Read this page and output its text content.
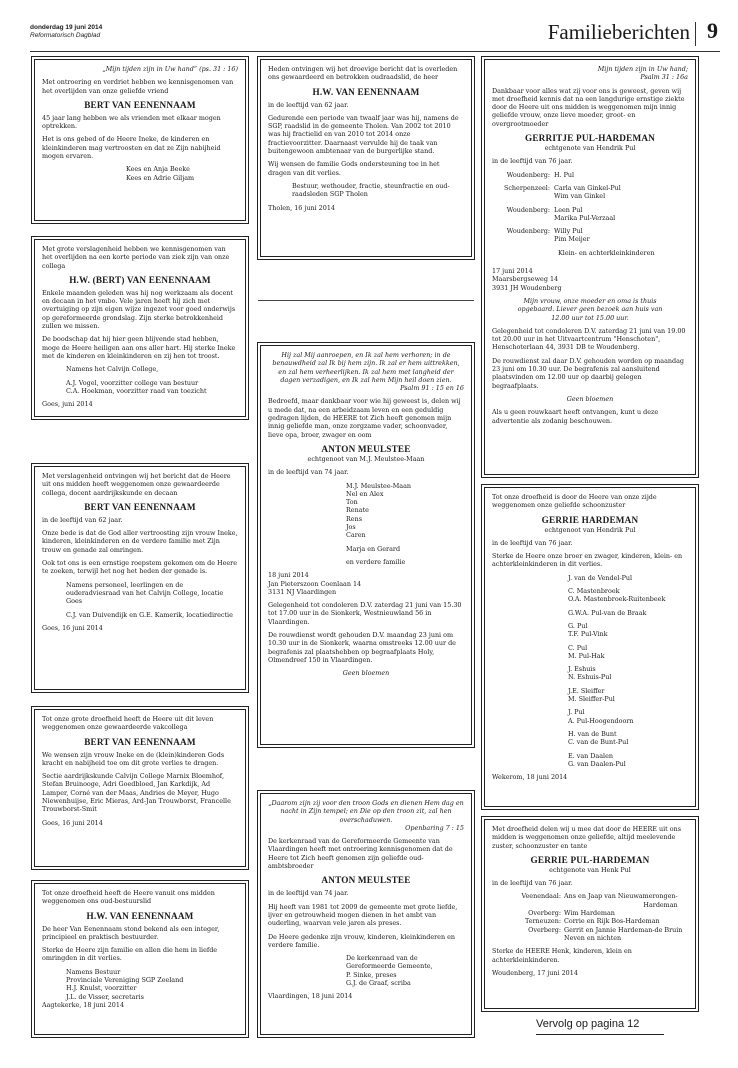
donderdag 19 juni 2014
Reformatorisch Dagblad	Familieberichten 9

„Mijn tijden zijn in Uw hand” (ps. 31 : 16)

Met ontroering en verdriet hebben we kennisgenomen van het overlijden van onze geliefde vriend

BERT VAN EENENNAAM

45 jaar lang hebben we als vrienden met elkaar mogen optrekken.

Het is ons gebed of de Heere Ineke, de kinderen en kleinkinderen mag vertroosten en dat ze Zijn nabijheid mogen ervaren.

Kees en Anja Beeke
Kees en Adrie Giljam

Met grote verslagenheid hebben we kennisgenomen van het overlijden na een korte periode van ziek zijn van onze collega

H.W. (BERT) VAN EENENNAAM

Enkele maanden geleden was hij nog werkzaam als docent en decaan in het vmbo. Vele jaren heeft hij zich met overtuiging op zijn eigen wijze ingezet voor goed onderwijs op gereformeerde grondslag. Zijn sterke betrokkenheid zullen we missen.

De boodschap dat hij hier geen blijvende stad hebben, moge de Heere heiligen aan ons aller hart. Hij sterke Ineke met de kinderen en kleinkinderen en zij hen tot troost.

Namens het Calvijn College,

A.J. Vogel, voorzitter college van bestuur
C.A. Hoekman, voorzitter raad van toezicht
Goes, juni 2014

Met verslagenheid ontvingen wij het bericht dat de Heere uit ons midden heeft weggenomen onze gewaardeerde collega, docent aardrijkskunde en decaan

BERT VAN EENENNAAM

in de leeftijd van 62 jaar.

Onze bede is dat de God aller vertroosting zijn vrouw Ineke, kinderen, kleinkinderen en de verdere familie met Zijn trouw en genade zal omringen.

Ook tot ons is een ernstige roepstem gekomen om de Heere te zoeken, terwijl het nog het heden der genade is.

Namens personeel, leerlingen en de ouderadviesraad van het Calvijn College, locatie Goes

C.J. van Duivendijk en G.E. Kamerik, locatiedirectie

Goes, 16 juni 2014

Tot onze grote droefheid heeft de Heere uit dit leven weggenomen onze gewaardeerde vakcollega

BERT VAN EENENNAAM

We wensen zijn vrouw Ineke en de (klein)kinderen Gods kracht en nabijheid toe om dit grote verlies te dragen.

Sectie aardrijkskunde Calvijn College Marnix Bloemhof, Stefan Bruinooge, Adri Goedbloed, Jan Karkdijk, Ad Lamper, Corné van der Maas, Andries de Meyer, Hugo Niewenhuijse, Eric Mieras, Ard-Jan Trouwborst, Francelle Trouwborst-Smit

Goes, 16 juni 2014

Tot onze droefheid heeft de Heere vanuit ons midden weggenomen ons oud-bestuurslid

H.W. VAN EENENNAAM

De heer Van Eenennaam stond bekend als een integer, principieel en praktisch bestuurder.

Sterke de Heere zijn familie en allen die hem in liefde omringden in dit verlies.

Namens Bestuur
Provinciale Vereniging SGP Zeeland
H.J. Knulst, voorzitter
J.L. de Visser, secretaris
Aagtekerke, 18 juni 2014

Heden ontvingen wij het droevige bericht dat is overleden ons gewaardeerd en betrokken oudraadslid, de heer

H.W. VAN EENENNAAM

in de leeftijd van 62 jaar.

Gedurende een periode van twaalf jaar was hij, namens de SGP, raadslid in de gemeente Tholen. Van 2002 tot 2010 was hij fractielid en van 2010 tot 2014 onze fractievoorzitter. Daarnaast vervulde hij de taak van buitengewoon ambtenaar van de burgerlijke stand.

Wij wensen de familie Gods ondersteuning toe in het dragen van dit verlies.

Bestuur, wethouder, fractie, steunfractie en oud-raadsleden SGP Tholen

Tholen, 16 juni 2014

Hij zal Mij aanroepen, en Ik zal hem verhoren; in de benauwdheid zal Ik bij hem zijn. Ik zal er hem uittrekken, en zal hem verheerlijken. Ik zal hem met langheid der dagen verzadigen, en Ik zal hem Mijn heil doen zien.

Psalm 91 : 15 en 16

Bedroefd, maar dankbaar voor wie hij geweest is, delen wij u mede dat, na een arbeidzaam leven en een geduldig gedragen lijden, de HEERE tot Zich heeft genomen mijn innig geliefde man, onze zorgzame vader, schoonvader, lieve opa, broer, zwager en oom

ANTON MEULSTEE
echtgenoot van M.J. Meulstee-Maan

in de leeftijd van 74 jaar.

M.J. Meulstee-Maan
Nel en Alex
Ton
Renate
Rens
Jos
Caren
Marja en Gerard
en verdere familie
18 juni 2014
Jan Pieterszoon Coenlaan 14
3131 NJ Vlaardingen

Gelegenheid tot condoleren D.V. zaterdag 21 juni van 15.30 tot 17.00 uur in de Sionkerk, Westnieuwland 56 in Vlaardingen.

De rouwdienst wordt gehouden D.V. maandag 23 juni om 10.30 uur in de Sionkerk, waarna omstreeks 12.00 uur de begrafenis zal plaatshebben op begraafplaats Holy, Olmendreef 150 in Vlaardingen.

Geen bloemen

„Daarom zijn zij voor den troon Gods en dienen Hem dag en nacht in Zijn tempel; en Die op den troon zit, zal hen overschaduwen.

Openbaring 7 : 15

De kerkenraad van de Gereformeerde Gemeente van Vlaardingen heeft met ontroering kennisgenomen dat de Heere tot Zich heeft genomen zijn geliefde oud-ambtsbroeder

ANTON MEULSTEE

in de leeftijd van 74 jaar.

Hij heeft van 1981 tot 2009 de gemeente met grote liefde, ijver en getrouwheid mogen dienen in het ambt van ouderling, waarvan vele jaren als preses.

De Heere gedenke zijn vrouw, kinderen, kleinkinderen en verdere familie.

De kerkenraad van de
Gereformeerde Gemeente,
P. Sinke, preses
G.J. de Graaf, scriba
Vlaardingen, 18 juni 2014
Mijn tijden zijn in Uw hand;

Psalm 31 : 16a

Dankbaar voor alles wat zij voor ons is geweest, geven wij met droefheid kennis dat na een langdurige ernstige ziekte door de Heere uit ons midden is weggenomen mijn innig geliefde vrouw, onze lieve moeder, groot- en overgrootmoeder

GERRITJE PUL-HARDEMAN
echtgenote van Hendrik Pul

in de leeftijd van 76 jaar.

Woudenberg: H. Pul
Scherpenzeel: Carla van Ginkel-Pul
Wim van Ginkel
Woudenberg: Leen Pul
Marika Pul-Verzaal
Woudenberg: Willy Pul
Pim Meijer
Klein- en achterkleinkinderen
17 juni 2014
Maarsbergseweg 14
3931 JH Woudenberg

Mijn vrouw, onze moeder en oma is thuis opgebaard. Liever geen bezoek aan huis van 12.00 uur tot 15.00 uur.

Gelegenheid tot condoleren D.V. zaterdag 21 juni van 19.00 tot 20.00 uur in het Uitvaartcentrum "Henschoten", Henschoterlaan 44, 3931 DB te Woudenberg.

De rouwdienst zal daar D.V. gehouden worden op maandag 23 juni om 10.30 uur. De begrafenis zal aansluitend plaatsvinden om 12.00 uur op daarbij gelegen begraafplaats.

Geen bloemen

Als u geen rouwkaart heeft ontvangen, kunt u deze advertentie als zodanig beschouwen.

Tot onze droefheid is door de Heere van onze zijde weggenomen onze geliefde schoonzuster

GERRIE HARDEMAN
echtgenoot van Hendrik Pul

in de leeftijd van 76 jaar.

Sterke de Heere onze broer en zwager, kinderen, klein- en achterkleinkinderen in dit verlies.

J. van de Vendel-Pul
C. Mastenbroek
O.A. Mastenbroek-Ruitenbeek
G.W.A. Pul-van de Braak
G. Pul
T.F. Pul-Vink
C. Pul
M. Pul-Hak
J. Eshuis
N. Eshuis-Pul
J.E. Sleiffer
M. Sleiffer-Pul
J. Pul
A. Pul-Hoogendoorn
H. van de Bunt
C. van de Bunt-Pul
E. van Daalen
G. van Daalen-Pul
Wekerom, 18 juni 2014

Met droefheid delen wij u mee dat door de HEERE uit ons midden is weggenomen onze geliefde, altijd meelevende zuster, schoonzuster en tante

GERRIE PUL-HARDEMAN
echtgenote van Henk Pul

in de leeftijd van 76 jaar.

Veenendaal: Ans en Jaap van Nieuwamerongen-
Hardeman
Overberg: Wim Hardeman
Terneuzen: Corrie en Rijk Bos-Hardeman
Overberg: Gerrit en Jannie Hardeman-de Bruin
Neven en nichten

Sterke de HEERE Henk, kinderen, klein en achterkleinkinderen.

Woudenberg, 17 juni 2014
Vervolg op pagina 12
